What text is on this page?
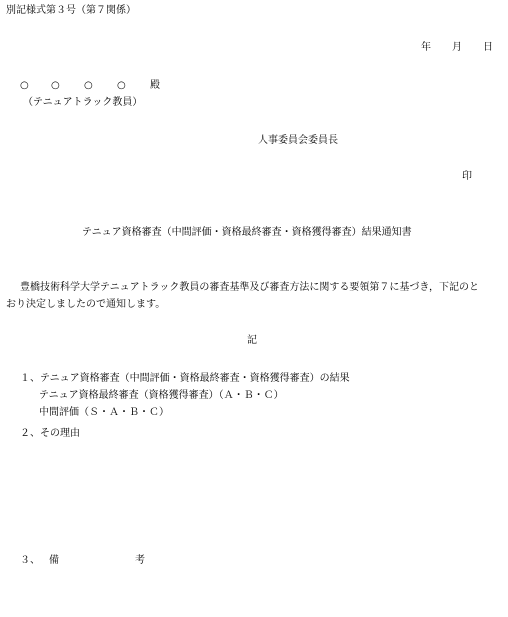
別記様式第３号（第７関係）
年 月 日
○ ○ ○ ○ 殿
（テニュアトラック教員）
人事委員会委員長
印
テニュア資格審査（中間評価・資格最終審査・資格獲得審査）結果通知書
豊橋技術科学大学テニュアトラック教員の審査基準及び審査方法に関する要領第７に基づき，下記のと
おり決定しましたので通知します。
記
１、テニュア資格審査（中間評価・資格最終審査・資格獲得審査）の結果
テニュア資格最終審査（資格獲得審査）（Ａ・Ｂ・Ｃ）
中間評価（Ｓ・Ａ・Ｂ・Ｃ）
２、その理由
３、 備	考
